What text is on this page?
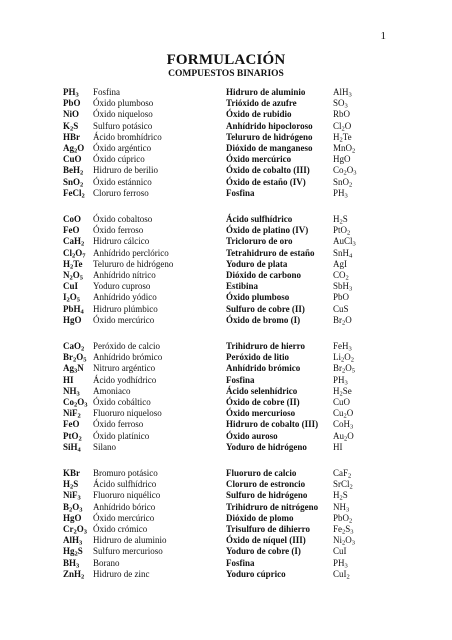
1
FORMULACIÓN
COMPUESTOS BINARIOS
$PH_3$ Fosfina	Hidruro de aluminio	AlH$_3$
PbO Óxido plumboso	Trióxido de azufre	$SO_3$
NiO Óxido niqueloso	Óxido de rubidio	RbO
$K_2S$ Sulfuro potásico	Anhídrido hipocloroso $Cl_2O$
HBr Ácido bromhídrico	Telururo de hidrógeno $H_2Te$
$Ag_2O$ Óxido argéntico	Dióxido de manganeso MnO$_2$
CuO Óxido cúprico	Óxido mercúrico	HgO
BeH$_2$ Hidruro de berilio	Óxido de cobalto (III)	$Co_2O_3$
SnO$_2$ Óxido estánnico	Óxido de estaño (IV)	SnO$_2$
FeCl$_2$ Cloruro ferroso	Fosfina	$PH_3$
CoO Óxido cobaltoso	Ácido sulfhídrico	$H_2S$
FeO Óxido ferroso	Óxido de platino (IV)	PtO$_2$
CaH$_2$ Hidruro cálcico	Tricloruro de oro	AuCl$_3$
$Cl_2O_7$ Anhídrido perclórico	Tetrahidruro de estaño SnH$_4$
$H_2Te$ Telururo de hidrógeno	Yoduro de plata	AgI
$N_2O_5$ Anhídrido nítrico	Dióxido de carbono	$CO_2$
CuI Yoduro cuproso	Estibina	SbH$_3$
$I_2O_5$ Anhídrido yódico	Óxido plumboso	PbO
PbH$_4$ Hidruro plúmbico	Sulfuro de cobre (II)	CuS
HgO Óxido mercúrico	Óxido de bromo (I)	$Br_2O$
CaO$_2$ Peróxido de calcio	Trihidruro de hierro	FeH$_3$
$Br_2O_5$ Anhídrido brómico	Peróxido de litio	$Li_2O_2$
$Ag_3N$ Nitruro argéntico	Anhídrido brómico	$Br_2O_5$
HI Ácido yodhídrico	Fosfina	$PH_3$
$NH_3$ Amoniaco	Ácido selenhídrico	$H_2Se$
$Co_2O_3$ Óxido cobáltico	Óxido de cobre (II)	CuO
NiF$_2$ Fluoruro niqueloso	Óxido mercurioso	$Cu_2O$
FeO Óxido ferroso	Hidruro de cobalto (III) CoH$_3$
PtO$_2$ Óxido platínico	Óxido auroso	$Au_2O$
SiH$_4$ Silano	Yoduro de hidrógeno	HI
KBr Bromuro potásico	Fluoruro de calcio	CaF$_2$
$H_2S$ Ácido sulfhídrico	Cloruro de estroncio	SrCl$_2$
NiF$_3$ Fluoruro niquélico	Sulfuro de hidrógeno	$H_2S$
$B_2O_3$ Anhídrido bórico	Trihidruro de nitrógeno $NH_3$
HgO Óxido mercúrico	Dióxido de plomo	PbO$_2$
$Cr_2O_3$ Óxido crómico	Trisulfuro de dihierro	$Fe_2S_3$
AlH$_3$ Hidruro de aluminio	Óxido de níquel (III)	$Ni_2O_3$
$Hg_2S$ Sulfuro mercurioso	Yoduro de cobre (I)	CuI
$BH_3$ Borano	Fosfina	$PH_3$
ZnH$_2$ Hidruro de zinc	Yoduro cúprico	CuI$_2$
